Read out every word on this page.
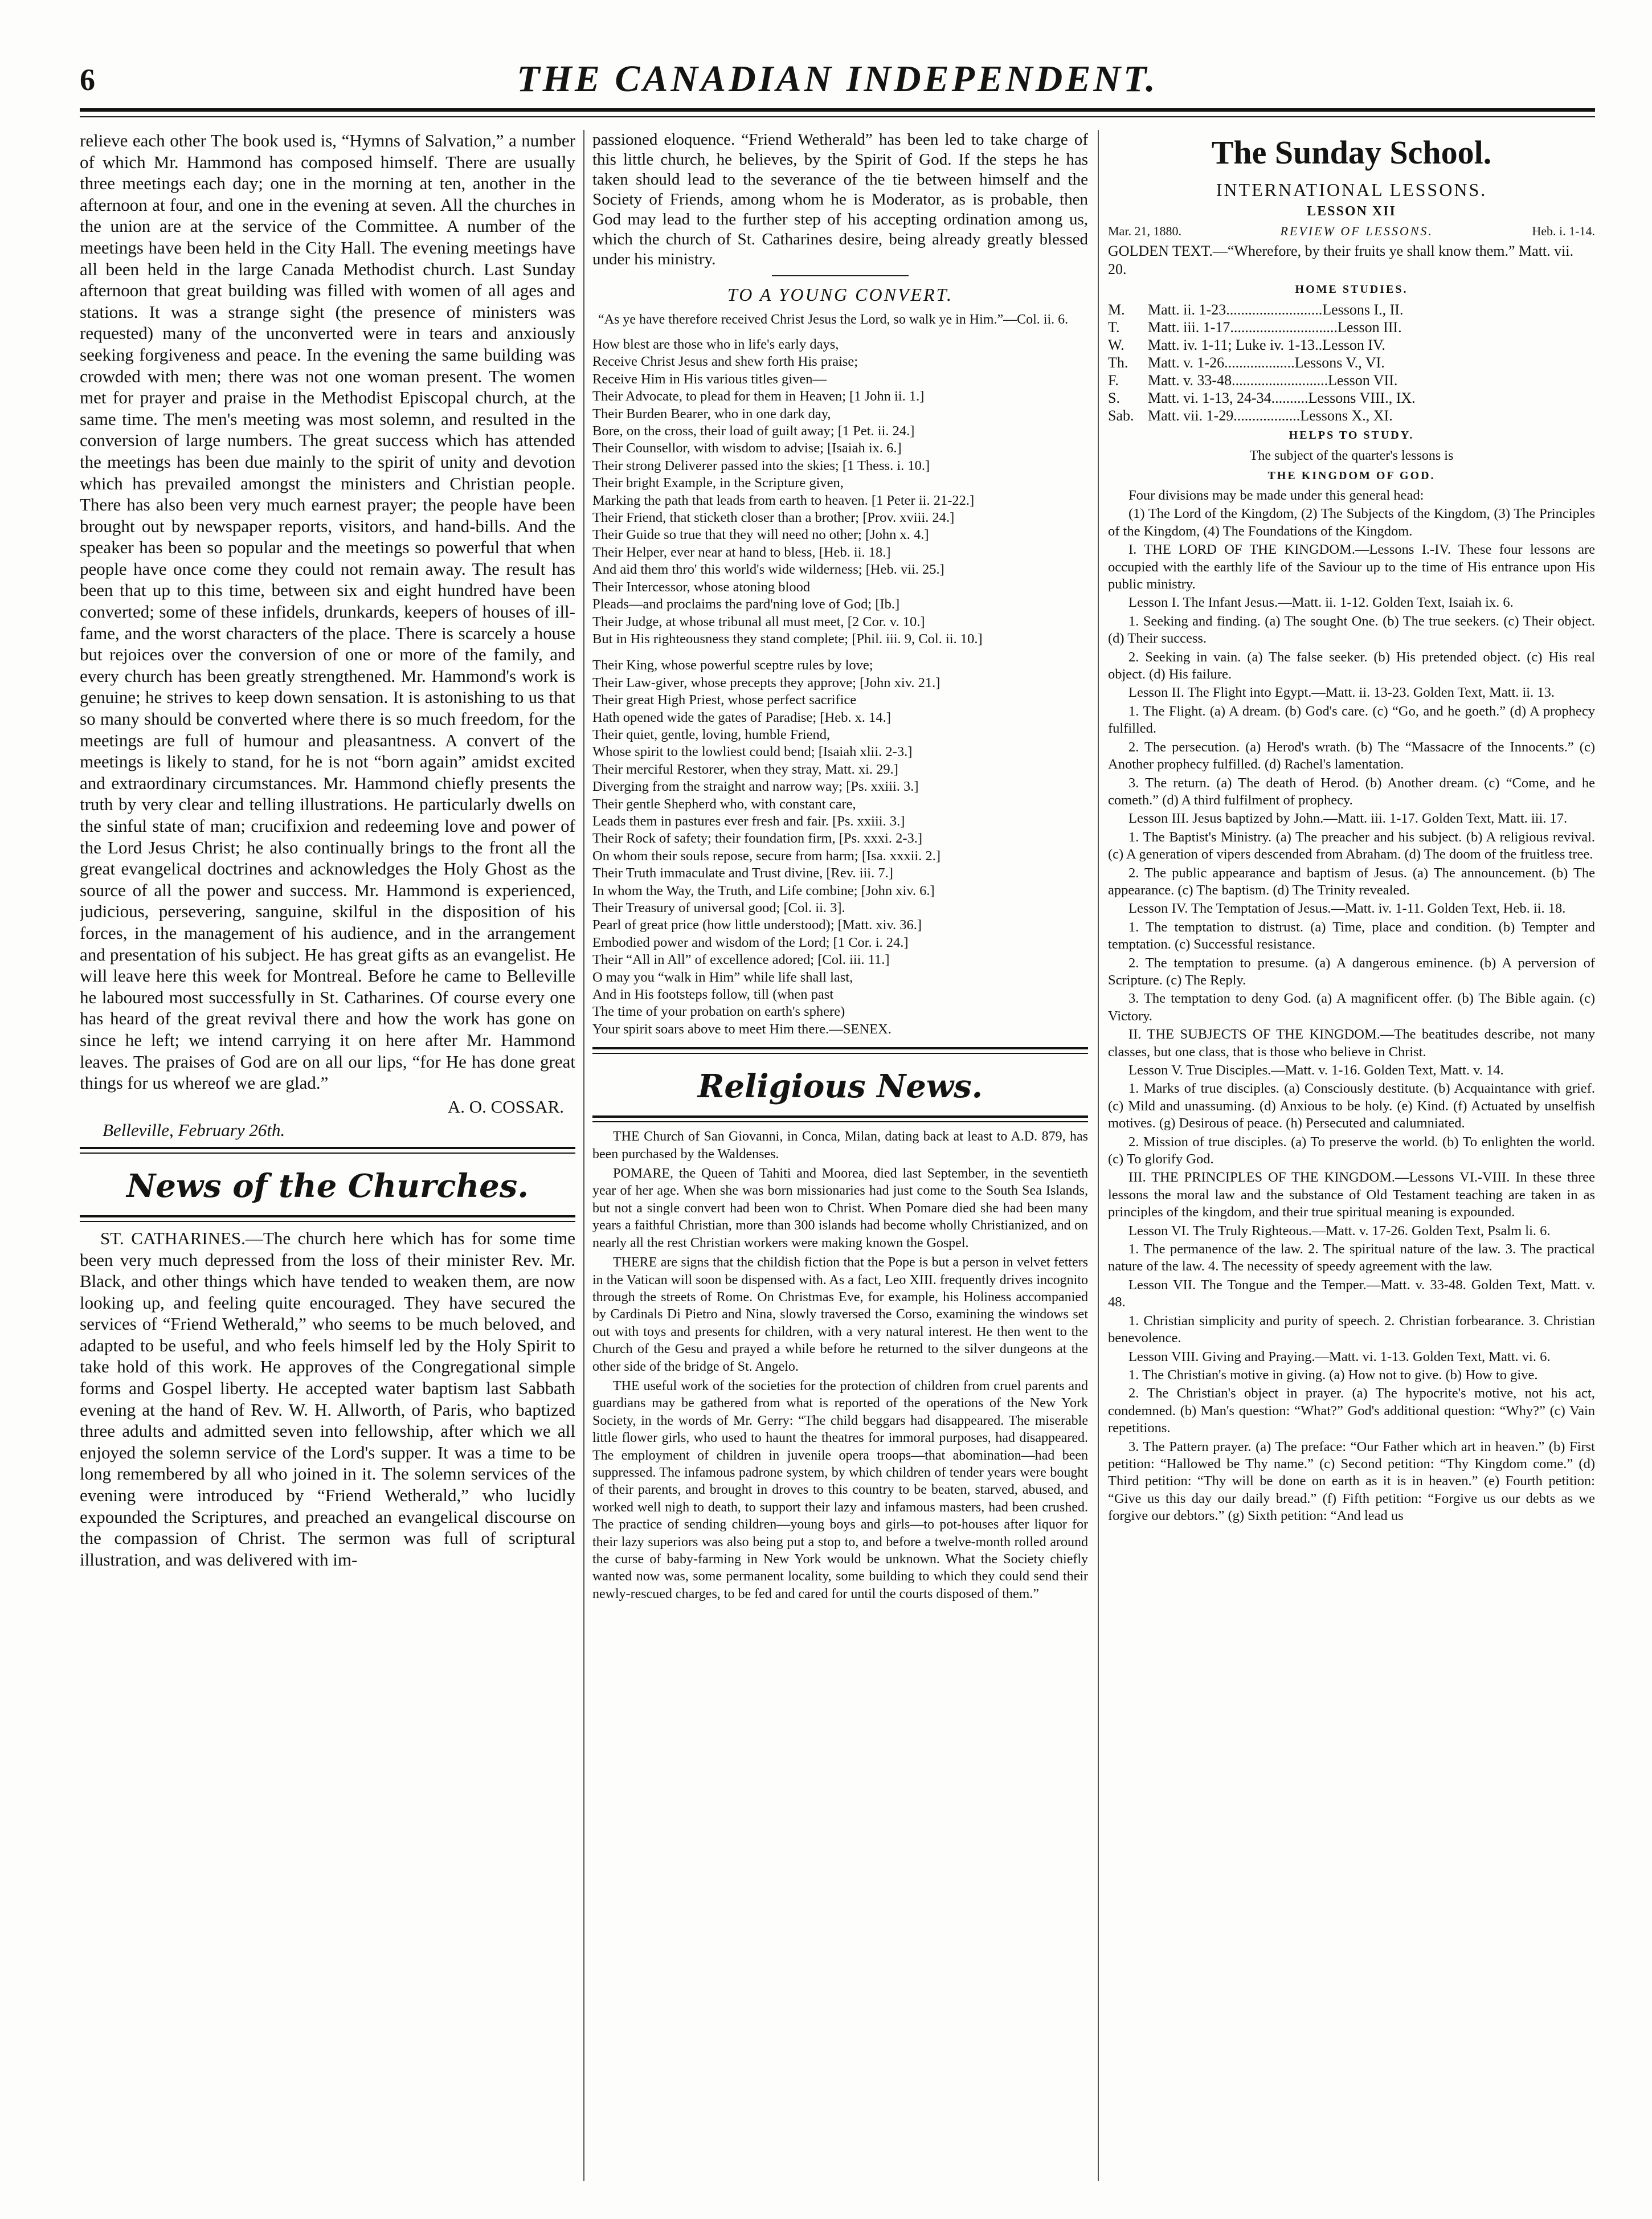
6	THE CANADIAN INDEPENDENT.

relieve each other The book used is, “Hymns of Salvation,” a number of which Mr. Hammond has composed himself. There are usually three meetings each day; one in the morning at ten, another in the afternoon at four, and one in the evening at seven. All the churches in the union are at the service of the Committee. A number of the meetings have been held in the City Hall. The evening meetings have all been held in the large Canada Methodist church. Last Sunday afternoon that great building was filled with women of all ages and stations. It was a strange sight (the presence of ministers was requested) many of the unconverted were in tears and anxiously seeking forgiveness and peace. In the evening the same building was crowded with men; there was not one woman present. The women met for prayer and praise in the Methodist Episcopal church, at the same time. The men's meeting was most solemn, and resulted in the conversion of large numbers. The great success which has attended the meetings has been due mainly to the spirit of unity and devotion which has prevailed amongst the ministers and Christian people. There has also been very much earnest prayer; the people have been brought out by newspaper reports, visitors, and hand-bills. And the speaker has been so popular and the meetings so powerful that when people have once come they could not remain away. The result has been that up to this time, between six and eight hundred have been converted; some of these infidels, drunkards, keepers of houses of ill-fame, and the worst characters of the place. There is scarcely a house but rejoices over the conversion of one or more of the family, and every church has been greatly strengthened. Mr. Hammond's work is genuine; he strives to keep down sensation. It is astonishing to us that so many should be converted where there is so much freedom, for the meetings are full of humour and pleasantness. A convert of the meetings is likely to stand, for he is not “born again” amidst excited and extraordinary circumstances. Mr. Hammond chiefly presents the truth by very clear and telling illustrations. He particularly dwells on the sinful state of man; crucifixion and redeeming love and power of the Lord Jesus Christ; he also continually brings to the front all the great evangelical doctrines and acknowledges the Holy Ghost as the source of all the power and success. Mr. Hammond is experienced, judicious, persevering, sanguine, skilful in the disposition of his forces, in the management of his audience, and in the arrangement and presentation of his subject. He has great gifts as an evangelist. He will leave here this week for Montreal. Before he came to Belleville he laboured most successfully in St. Catharines. Of course every one has heard of the great revival there and how the work has gone on since he left; we intend carrying it on here after Mr. Hammond leaves. The praises of God are on all our lips, “for He has done great things for us whereof we are glad.”

A. O. COSSAR.

Belleville, February 26th.

News of the Churches.

ST. CATHARINES.—The church here which has for some time been very much depressed from the loss of their minister Rev. Mr. Black, and other things which have tended to weaken them, are now looking up, and feeling quite encouraged. They have secured the services of “Friend Wetherald,” who seems to be much beloved, and adapted to be useful, and who feels himself led by the Holy Spirit to take hold of this work. He approves of the Congregational simple forms and Gospel liberty. He accepted water baptism last Sabbath evening at the hand of Rev. W. H. Allworth, of Paris, who baptized three adults and admitted seven into fellowship, after which we all enjoyed the solemn service of the Lord's supper. It was a time to be long remembered by all who joined in it. The solemn services of the evening were introduced by “Friend Wetherald,” who lucidly expounded the Scriptures, and preached an evangelical discourse on the compassion of Christ. The sermon was full of scriptural illustration, and was delivered with im-

passioned eloquence. “Friend Wetherald” has been led to take charge of this little church, he believes, by the Spirit of God. If the steps he has taken should lead to the severance of the tie between himself and the Society of Friends, among whom he is Moderator, as is probable, then God may lead to the further step of his accepting ordination among us, which the church of St. Catharines desire, being already greatly blessed under his ministry.

TO A YOUNG CONVERT.
“As ye have therefore received Christ Jesus the Lord, so walk ye in Him.”—Col. ii. 6.
How blest are those who in life's early days,
Receive Christ Jesus and shew forth His praise;
Receive Him in His various titles given—
Their Advocate, to plead for them in Heaven; [1 John ii. 1.]
Their Burden Bearer, who in one dark day,
Bore, on the cross, their load of guilt away; [1 Pet. ii. 24.]
Their Counsellor, with wisdom to advise; [Isaiah ix. 6.]
Their strong Deliverer passed into the skies; [1 Thess. i. 10.]
Their bright Example, in the Scripture given,
Marking the path that leads from earth to heaven. [1 Peter ii. 21-22.]
Their Friend, that sticketh closer than a brother; [Prov. xviii. 24.]
Their Guide so true that they will need no other; [John x. 4.]
Their Helper, ever near at hand to bless, [Heb. ii. 18.]
And aid them thro' this world's wide wilderness; [Heb. vii. 25.]
Their Intercessor, whose atoning blood
Pleads—and proclaims the pard'ning love of God; [Ib.]
Their Judge, at whose tribunal all must meet, [2 Cor. v. 10.]
But in His righteousness they stand complete; [Phil. iii. 9, Col. ii. 10.]
Their King, whose powerful sceptre rules by love;
Their Law-giver, whose precepts they approve; [John xiv. 21.]
Their great High Priest, whose perfect sacrifice
Hath opened wide the gates of Paradise; [Heb. x. 14.]
Their quiet, gentle, loving, humble Friend,
Whose spirit to the lowliest could bend; [Isaiah xlii. 2-3.]
Their merciful Restorer, when they stray, Matt. xi. 29.]
Diverging from the straight and narrow way; [Ps. xxiii. 3.]
Their gentle Shepherd who, with constant care,
Leads them in pastures ever fresh and fair. [Ps. xxiii. 3.]
Their Rock of safety; their foundation firm, [Ps. xxxi. 2-3.]
On whom their souls repose, secure from harm; [Isa. xxxii. 2.]
Their Truth immaculate and Trust divine, [Rev. iii. 7.]
In whom the Way, the Truth, and Life combine; [John xiv. 6.]
Their Treasury of universal good; [Col. ii. 3].
Pearl of great price (how little understood); [Matt. xiv. 36.]
Embodied power and wisdom of the Lord; [1 Cor. i. 24.]
Their “All in All” of excellence adored; [Col. iii. 11.]
O may you “walk in Him” while life shall last,
And in His footsteps follow, till (when past
The time of your probation on earth's sphere)
Your spirit soars above to meet Him there.—SENEX.
Religious News.

THE Church of San Giovanni, in Conca, Milan, dating back at least to A.D. 879, has been purchased by the Waldenses.

POMARE, the Queen of Tahiti and Moorea, died last September, in the seventieth year of her age. When she was born missionaries had just come to the South Sea Islands, but not a single convert had been won to Christ. When Pomare died she had been many years a faithful Christian, more than 300 islands had become wholly Christianized, and on nearly all the rest Christian workers were making known the Gospel.

THERE are signs that the childish fiction that the Pope is but a person in velvet fetters in the Vatican will soon be dispensed with. As a fact, Leo XIII. frequently drives incognito through the streets of Rome. On Christmas Eve, for example, his Holiness accompanied by Cardinals Di Pietro and Nina, slowly traversed the Corso, examining the windows set out with toys and presents for children, with a very natural interest. He then went to the Church of the Gesu and prayed a while before he returned to the silver dungeons at the other side of the bridge of St. Angelo.

THE useful work of the societies for the protection of children from cruel parents and guardians may be gathered from what is reported of the operations of the New York Society, in the words of Mr. Gerry: “The child beggars had disappeared. The miserable little flower girls, who used to haunt the theatres for immoral purposes, had disappeared. The employment of children in juvenile opera troops—that abomination—had been suppressed. The infamous padrone system, by which children of tender years were bought of their parents, and brought in droves to this country to be beaten, starved, abused, and worked well nigh to death, to support their lazy and infamous masters, had been crushed. The practice of sending children—young boys and girls—to pot-houses after liquor for their lazy superiors was also being put a stop to, and before a twelve-month rolled around the curse of baby-farming in New York would be unknown. What the Society chiefly wanted now was, some permanent locality, some building to which they could send their newly-rescued charges, to be fed and cared for until the courts disposed of them.”

The Sunday School.
INTERNATIONAL LESSONS.
LESSON XII
Mar. 21, 1880.	REVIEW OF LESSONS.	Heb. i. 1-14.
GOLDEN TEXT.—“Wherefore, by their fruits ye shall know them.” Matt. vii. 20.
HOME STUDIES.
M.	Matt. ii. 1-23..........................Lessons I., II.
T.	Matt. iii. 1-17.............................Lesson III.
W.	Matt. iv. 1-11; Luke iv. 1-13..Lesson IV.
Th.	Matt. v. 1-26...................Lessons V., VI.
F.	Matt. v. 33-48..........................Lesson VII.
S.	Matt. vi. 1-13, 24-34..........Lessons VIII., IX.
Sab. Matt. vii. 1-29..................Lessons X., XI.
HELPS TO STUDY.
The subject of the quarter's lessons is
THE KINGDOM OF GOD.

Four divisions may be made under this general head:

(1) The Lord of the Kingdom, (2) The Subjects of the Kingdom, (3) The Principles of the Kingdom, (4) The Foundations of the Kingdom.

I. THE LORD OF THE KINGDOM.—Lessons I.-IV. These four lessons are occupied with the earthly life of the Saviour up to the time of His entrance upon His public ministry.

Lesson I. The Infant Jesus.—Matt. ii. 1-12. Golden Text, Isaiah ix. 6.

1. Seeking and finding. (a) The sought One. (b) The true seekers. (c) Their object. (d) Their success.

2. Seeking in vain. (a) The false seeker. (b) His pretended object. (c) His real object. (d) His failure.

Lesson II. The Flight into Egypt.—Matt. ii. 13-23. Golden Text, Matt. ii. 13.

1. The Flight. (a) A dream. (b) God's care. (c) “Go, and he goeth.” (d) A prophecy fulfilled.

2. The persecution. (a) Herod's wrath. (b) The “Massacre of the Innocents.” (c) Another prophecy fulfilled. (d) Rachel's lamentation.

3. The return. (a) The death of Herod. (b) Another dream. (c) “Come, and he cometh.” (d) A third fulfilment of prophecy.

Lesson III. Jesus baptized by John.—Matt. iii. 1-17. Golden Text, Matt. iii. 17.

1. The Baptist's Ministry. (a) The preacher and his subject. (b) A religious revival. (c) A generation of vipers descended from Abraham. (d) The doom of the fruitless tree.

2. The public appearance and baptism of Jesus. (a) The announcement. (b) The appearance. (c) The baptism. (d) The Trinity revealed.

Lesson IV. The Temptation of Jesus.—Matt. iv. 1-11. Golden Text, Heb. ii. 18.

1. The temptation to distrust. (a) Time, place and condition. (b) Tempter and temptation. (c) Successful resistance.

2. The temptation to presume. (a) A dangerous eminence. (b) A perversion of Scripture. (c) The Reply.

3. The temptation to deny God. (a) A magnificent offer. (b) The Bible again. (c) Victory.

II. THE SUBJECTS OF THE KINGDOM.—The beatitudes describe, not many classes, but one class, that is those who believe in Christ.

Lesson V. True Disciples.—Matt. v. 1-16. Golden Text, Matt. v. 14.

1. Marks of true disciples. (a) Consciously destitute. (b) Acquaintance with grief. (c) Mild and unassuming. (d) Anxious to be holy. (e) Kind. (f) Actuated by unselfish motives. (g) Desirous of peace. (h) Persecuted and calumniated.

2. Mission of true disciples. (a) To preserve the world. (b) To enlighten the world. (c) To glorify God.

III. THE PRINCIPLES OF THE KINGDOM.—Lessons VI.-VIII. In these three lessons the moral law and the substance of Old Testament teaching are taken in as principles of the kingdom, and their true spiritual meaning is expounded.

Lesson VI. The Truly Righteous.—Matt. v. 17-26. Golden Text, Psalm li. 6.

1. The permanence of the law. 2. The spiritual nature of the law. 3. The practical nature of the law. 4. The necessity of speedy agreement with the law.

Lesson VII. The Tongue and the Temper.—Matt. v. 33-48. Golden Text, Matt. v. 48.

1. Christian simplicity and purity of speech. 2. Christian forbearance. 3. Christian benevolence.

Lesson VIII. Giving and Praying.—Matt. vi. 1-13. Golden Text, Matt. vi. 6.

1. The Christian's motive in giving. (a) How not to give. (b) How to give.

2. The Christian's object in prayer. (a) The hypocrite's motive, not his act, condemned. (b) Man's question: “What?” God's additional question: “Why?” (c) Vain repetitions.

3. The Pattern prayer. (a) The preface: “Our Father which art in heaven.” (b) First petition: “Hallowed be Thy name.” (c) Second petition: “Thy Kingdom come.” (d) Third petition: “Thy will be done on earth as it is in heaven.” (e) Fourth petition: “Give us this day our daily bread.” (f) Fifth petition: “Forgive us our debts as we forgive our debtors.” (g) Sixth petition: “And lead us
